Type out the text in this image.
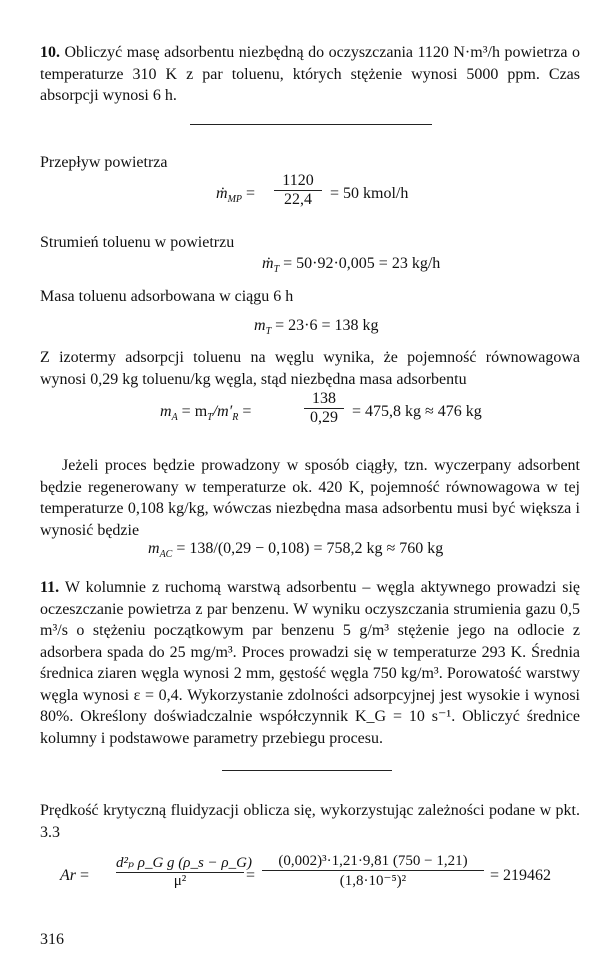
10. Obliczyć masę adsorbentu niezbędną do oczyszczania 1120 N·m³/h powietrza o temperaturze 310 K z par toluenu, których stężenie wynosi 5000 ppm. Czas absorpcji wynosi 6 h.

Przepływ powietrza
ṁ$_{MP}$ =
1120
22,4	= 50 kmol/h
Strumień toluenu w powietrzu
ṁ$_T$ = 50·92·0,005 = 23 kg/h
Masa toluenu adsorbowana w ciągu 6 h
$m_T = 23\cdot 6 = 138$ kg

Z izotermy adsorpcji toluenu na węglu wynika, że pojemność równowagowa wynosi 0,29 kg toluenu/kg węgla, stąd niezbędna masa adsorbentu

$m_A = m_T/m'_R$ =
138
0,29 = 475,8 kg ≈ 476 kg

Jeżeli proces będzie prowadzony w sposób ciągły, tzn. wyczerpany adsorbent będzie regenerowany w temperaturze ok. 420 K, pojemność równowagowa w tej temperaturze 0,108 kg/kg, wówczas niezbędna masa adsorbentu musi być większa i wynosić będzie

$m_{AC} = 138/(0,29 - 0,108) = 758,2$ kg ≈ 760 kg

11. W kolumnie z ruchomą warstwą adsorbentu – węgla aktywnego prowadzi się oczeszczanie powietrza z par benzenu. W wyniku oczyszczania strumienia gazu 0,5 m³/s o stężeniu początkowym par benzenu 5 g/m³ stężenie jego na odlocie z adsorbera spada do 25 mg/m³. Proces prowadzi się w temperaturze 293 K. Średnia średnica ziaren węgla wynosi 2 mm, gęstość węgla 750 kg/m³. Porowatość warstwy węgla wynosi ε = 0,4. Wykorzystanie zdolności adsorpcyjnej jest wysokie i wynosi 80%. Określony doświadczalnie współczynnik K_G = 10 s⁻¹. Obliczyć średnice kolumny i podstawowe parametry przebiegu procesu.

Prędkość krytyczną fluidyzacji oblicza się, wykorzystując zależności podane w pkt. 3.3

Ar =
d²ₚ ρ_G g (ρ_s − ρ_G)
μ²	=
(0,002)³·1,21·9,81 (750 − 1,21)
(1,8·10⁻⁵)²	= 219462
316
